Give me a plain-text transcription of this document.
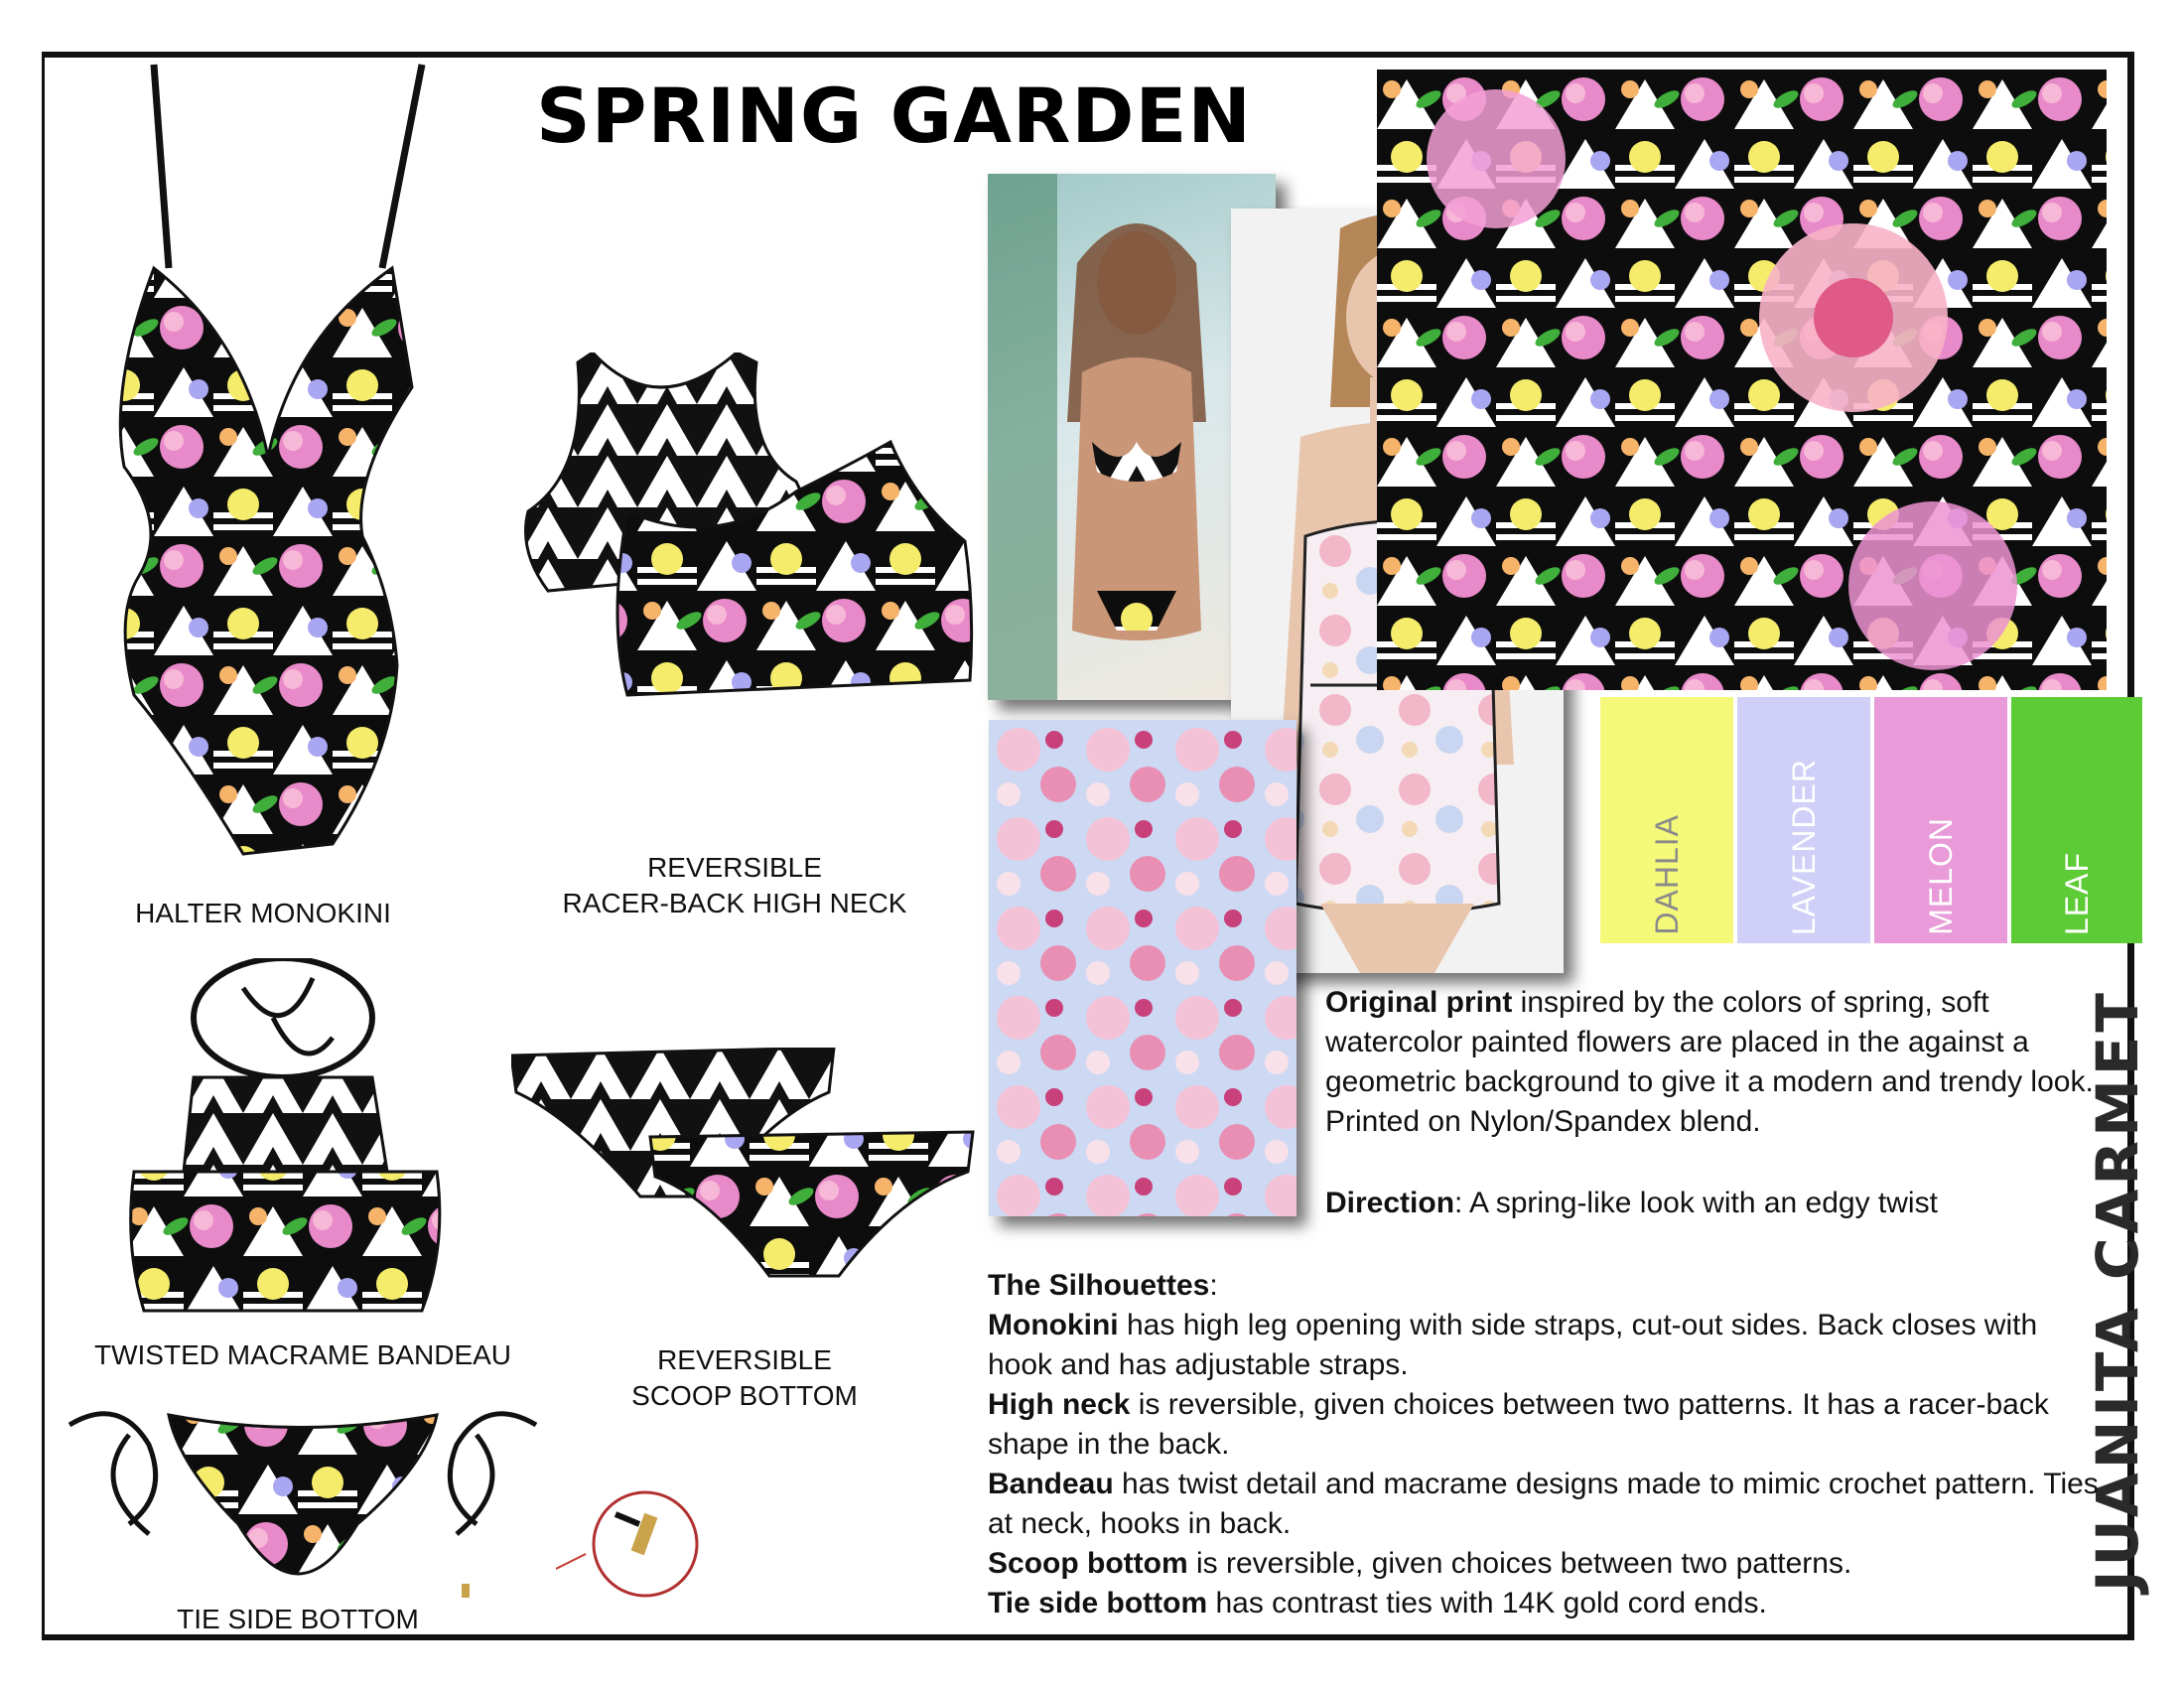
SPRING GARDEN
HALTER MONOKINI
REVERSIBLE
RACER-BACK HIGH NECK
TWISTED MACRAME BANDEAU	REVERSIBLE
SCOOP BOTTOM
TIE SIDE BOTTOM
DAHLIA	LAVENDER	MELON	LEAF
JUANITA CARMET
Original print inspired by the colors of spring, soft watercolor painted flowers are placed in the against a geometric background to give it a modern and trendy look. Printed on Nylon/Spandex blend.
Direction: A spring-like look with an edgy twist
The Silhouettes:
Monokini has high leg opening with side straps, cut-out sides. Back closes with hook and has adjustable straps.
High neck is reversible, given choices between two patterns. It has a racer-back shape in the back.
Bandeau has twist detail and macrame designs made to mimic crochet pattern. Ties at neck, hooks in back.
Scoop bottom is reversible, given choices between two patterns.
Tie side bottom has contrast ties with 14K gold cord ends.
